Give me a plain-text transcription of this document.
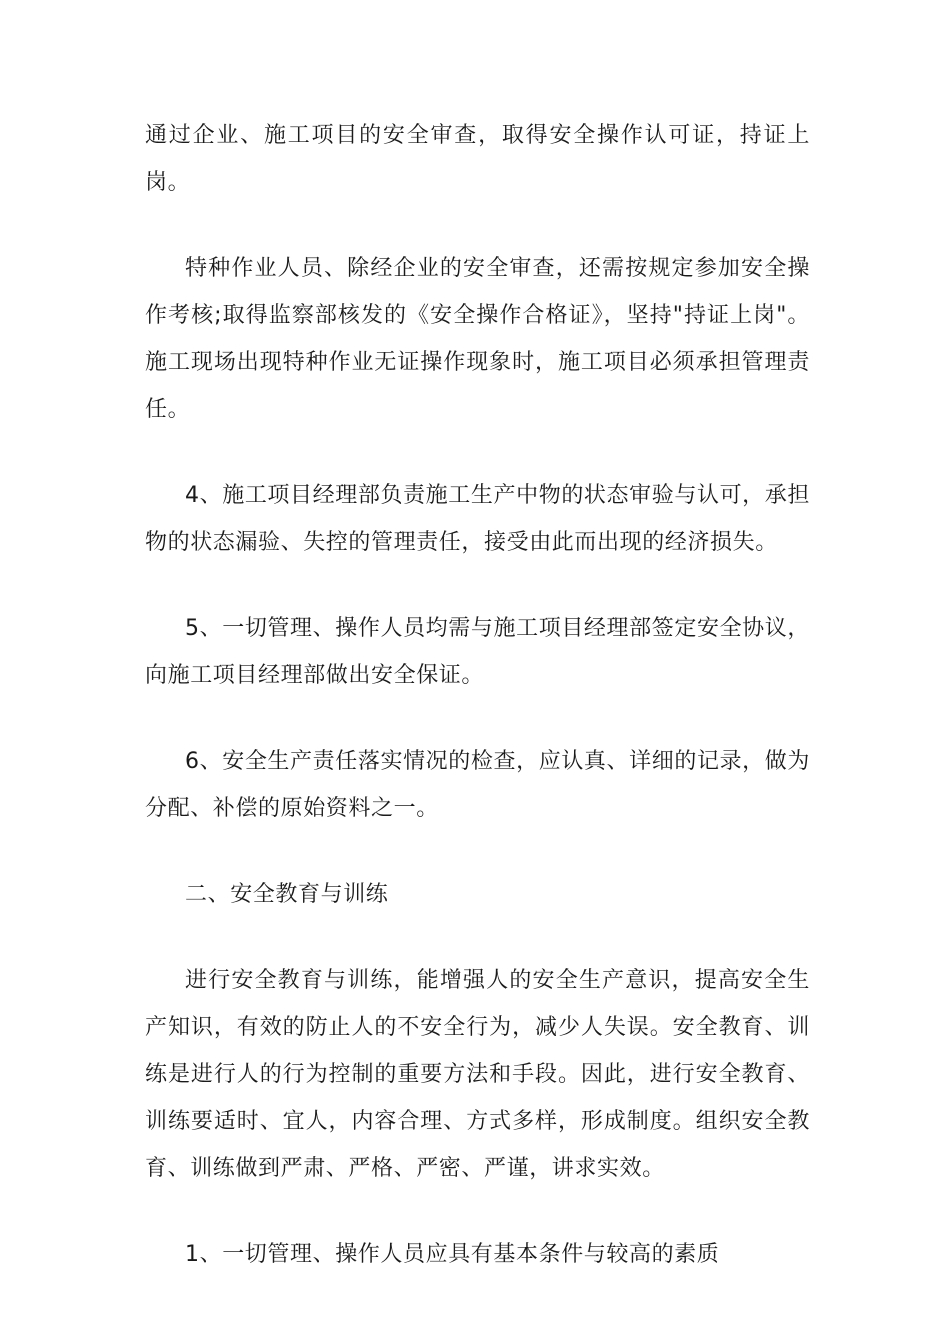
通过企业、施工项目的安全审查，取得安全操作认可证，持证上岗。

特种作业人员、除经企业的安全审查，还需按规定参加安全操作考核;取得监察部核发的《安全操作合格证》，坚持"持证上岗"。施工现场出现特种作业无证操作现象时，施工项目必须承担管理责任。

4、施工项目经理部负责施工生产中物的状态审验与认可，承担物的状态漏验、失控的管理责任，接受由此而出现的经济损失。

5、一切管理、操作人员均需与施工项目经理部签定安全协议，向施工项目经理部做出安全保证。

6、安全生产责任落实情况的检查，应认真、详细的记录，做为分配、补偿的原始资料之一。

二、安全教育与训练

进行安全教育与训练，能增强人的安全生产意识，提高安全生产知识，有效的防止人的不安全行为，减少人失误。安全教育、训练是进行人的行为控制的重要方法和手段。因此，进行安全教育、训练要适时、宜人，内容合理、方式多样，形成制度。组织安全教育、训练做到严肃、严格、严密、严谨，讲求实效。

1、一切管理、操作人员应具有基本条件与较高的素质
